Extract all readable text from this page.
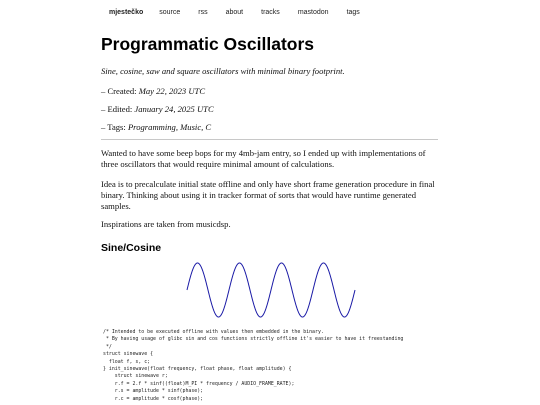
mjestečko source	rss	about	tracks	mastodon	tags
Programmatic Oscillators
Sine, cosine, saw and square oscillators with minimal binary footprint.
– Created: May 22, 2023 UTC
– Edited: January 24, 2025 UTC
– Tags: Programming, Music, C

Wanted to have some beep bops for my 4mb-jam entry, so I ended up with implementations of three oscillators that would require minimal amount of calculations.

Idea is to precalculate initial state offline and only have short frame generation procedure in final binary. Thinking about using it in tracker format of sorts that would have runtime generated samples.

Inspirations are taken from musicdsp.

Sine/Cosine
/* Intended to be executed offline with values then embedded in the binary.
* By having usage of glibc sin and cos functions strictly offline it's easier to have it freestanding
*/
struct sinewave {
float f, s, c;
} init_sinewave(float frequency, float phase, float amplitude) {
struct sinewave r;
r.f = 2.f * sinf((float)M_PI * frequency / AUDIO_FRAME_RATE);
r.s = amplitude * sinf(phase);
r.c = amplitude * cosf(phase);
